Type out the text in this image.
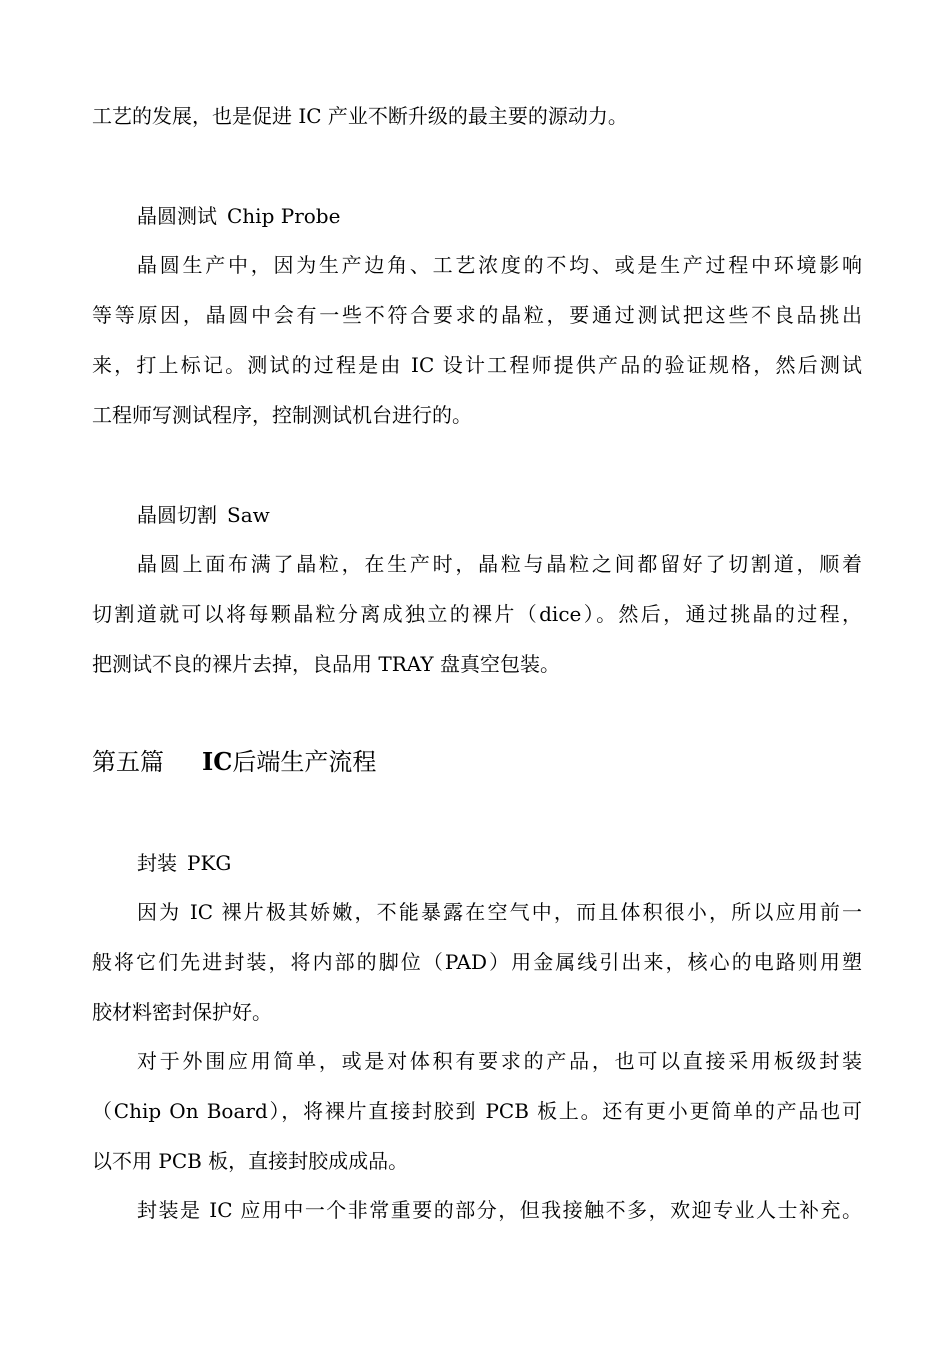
工艺的发展，也是促进 IC 产业不断升级的最主要的源动力。
晶圆测试 Chip Probe
晶圆生产中，因为生产边角、工艺浓度的不均、或是生产过程中环境影响
等等原因，晶圆中会有一些不符合要求的晶粒，要通过测试把这些不良品挑出
来，打上标记。测试的过程是由 IC 设计工程师提供产品的验证规格，然后测试
工程师写测试程序，控制测试机台进行的。
晶圆切割 Saw
晶圆上面布满了晶粒，在生产时，晶粒与晶粒之间都留好了切割道，顺着
切割道就可以将每颗晶粒分离成独立的裸片（dice）。然后，通过挑晶的过程，
把测试不良的裸片去掉，良品用 TRAY 盘真空包装。
第五篇 IC后端生产流程
封装 PKG
因为 IC 裸片极其娇嫩，不能暴露在空气中，而且体积很小，所以应用前一
般将它们先进封装，将内部的脚位（PAD）用金属线引出来，核心的电路则用塑
胶材料密封保护好。
对于外围应用简单，或是对体积有要求的产品，也可以直接采用板级封装
（Chip On Board），将裸片直接封胶到 PCB 板上。还有更小更简单的产品也可
以不用 PCB 板，直接封胶成成品。
封装是 IC 应用中一个非常重要的部分，但我接触不多，欢迎专业人士补充。
